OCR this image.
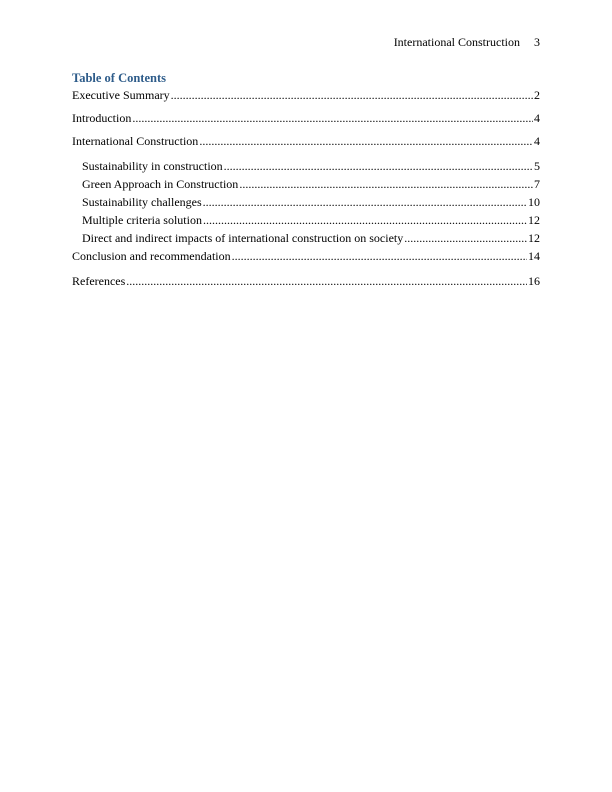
International Construction 3
Table of Contents
Executive Summary .....	2
Introduction .....	4
International Construction .....	4
Sustainability in construction .....	5
Green Approach in Construction .....	7
Sustainability challenges .....	10
Multiple criteria solution .....	12
Direct and indirect impacts of international construction on society .....	12
Conclusion and recommendation .....	14
References .....	16
